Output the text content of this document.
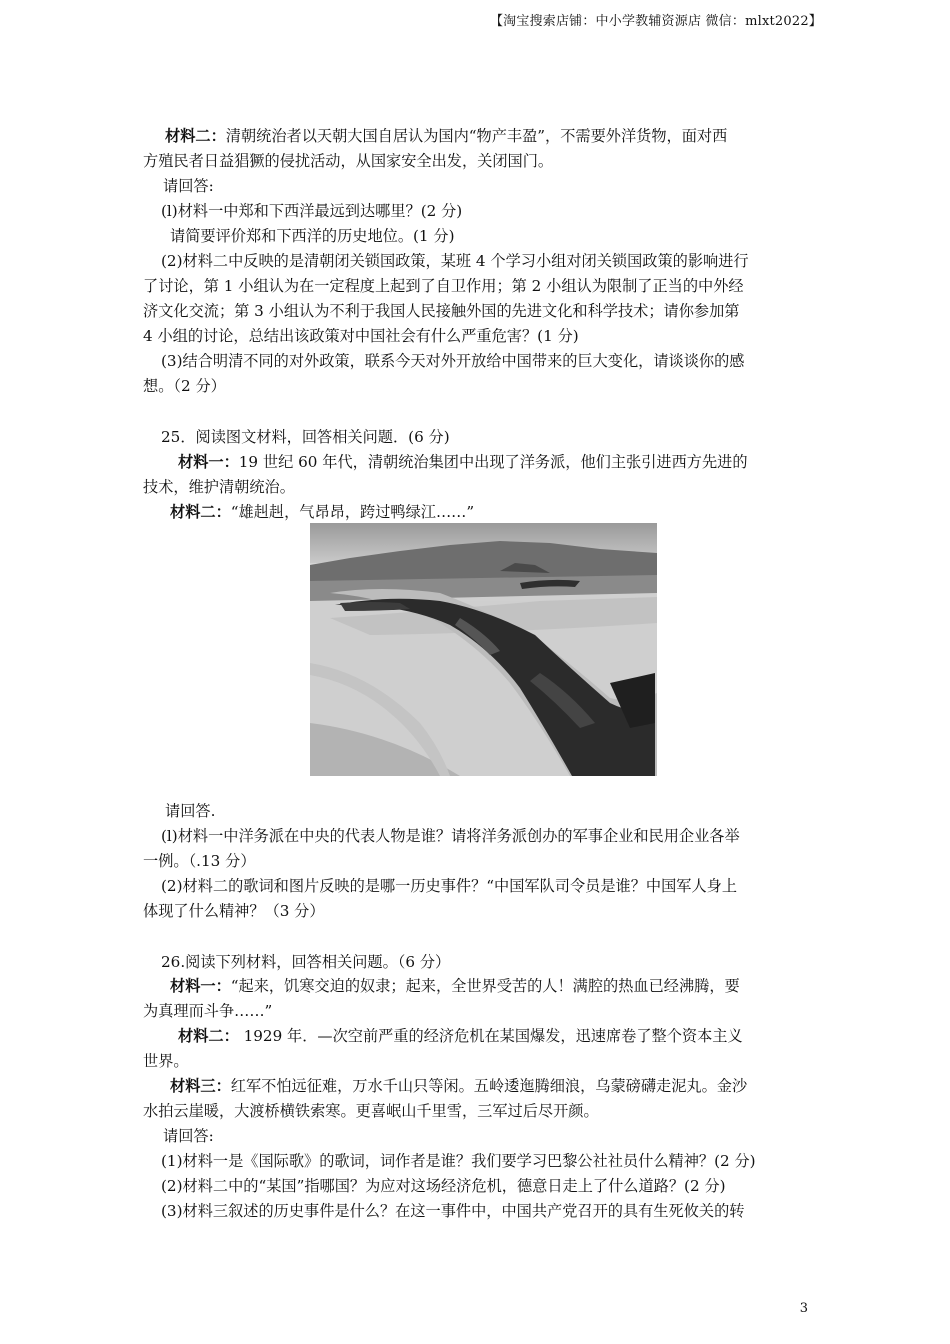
【淘宝搜索店铺：中小学教辅资源店 微信：mlxt2022】
材料二：清朝统治者以天朝大国自居认为国内“物产丰盈”，不需要外洋货物，面对西
方殖民者日益猖獗的侵扰活动，从国家安全出发，关闭国门。
请回答:
(l)材料一中郑和下西洋最远到达哪里？(2 分)
请简要评价郑和下西洋的历史地位。(1 分)
(2)材料二中反映的是清朝闭关锁国政策，某班 4 个学习小组对闭关锁国政策的影响进行
了讨论，第 1 小组认为在一定程度上起到了自卫作用；第 2 小组认为限制了正当的中外经
济文化交流；第 3 小组认为不利于我国人民接触外国的先进文化和科学技术；请你参加第
4 小组的讨论，总结出该政策对中国社会有什么严重危害？(1 分)
(3)结合明清不同的对外政策，联系今天对外开放给中国带来的巨大变化，请谈谈你的感
想。（2 分）
25．阅读图文材料，回答相关问题．(6 分)
材料一：19 世纪 60 年代，清朝统治集团中出现了洋务派，他们主张引进西方先进的
技术，维护清朝统治。
材料二：“雄赳赳，气昂昂，跨过鸭绿江……”
请回答.
(l)材料一中洋务派在中央的代表人物是谁？请将洋务派创办的军事企业和民用企业各举
一例。（.13 分）
(2)材料二的歌词和图片反映的是哪一历史事件？“中国军队司令员是谁？中国军人身上
体现了什么精神？（3 分）
26.阅读下列材料，回答相关问题。（6 分）
材料一：“起来，饥寒交迫的奴隶；起来，全世界受苦的人！满腔的热血已经沸腾，要
为真理而斗争……”
材料二： 1929 年．—次空前严重的经济危机在某国爆发，迅速席卷了整个资本主义
世界。
材料三：红军不怕远征难，万水千山只等闲。五岭逶迤腾细浪，乌蒙磅礴走泥丸。金沙
水拍云崖暖，大渡桥横铁索寒。更喜岷山千里雪，三军过后尽开颜。
请回答:
(1)材料一是《国际歌》的歌词，词作者是谁？我们要学习巴黎公社社员什么精神？(2 分)
(2)材料二中的“某国”指哪国？为应对这场经济危机，德意日走上了什么道路？(2 分)
(3)材料三叙述的历史事件是什么？在这一事件中，中国共产党召开的具有生死攸关的转
3
